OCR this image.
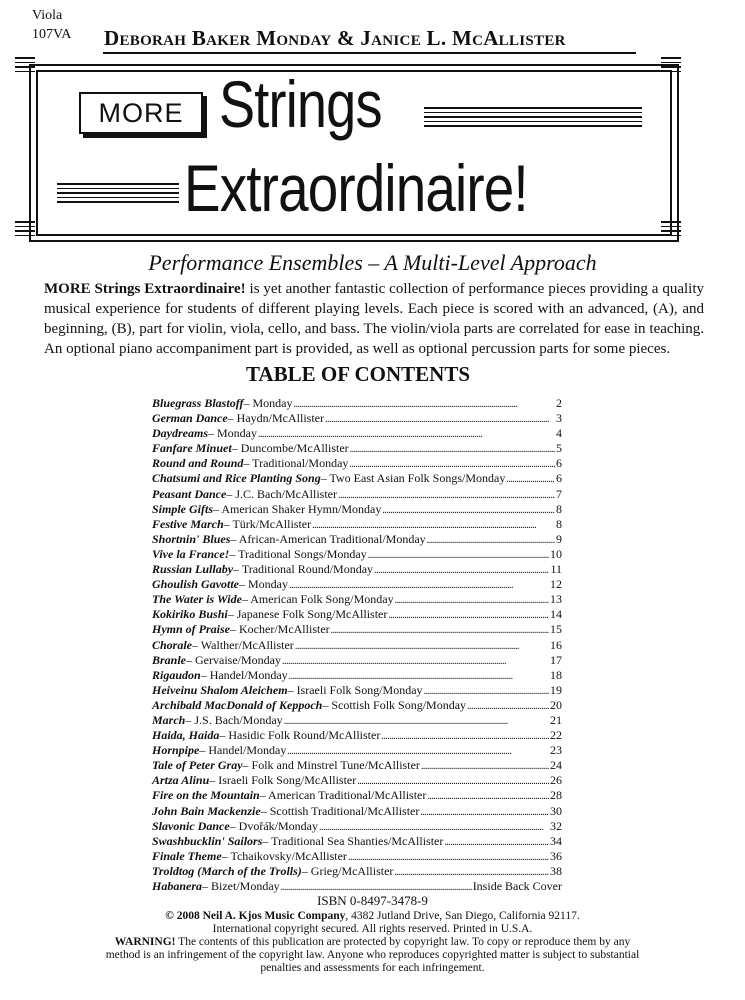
Viola
107VA Deborah Baker Monday & Janice L. McAllister
MORE Strings
Extraordinaire!
Performance Ensembles – A Multi-Level Approach
MORE Strings Extraordinaire! is yet another fantastic collection of performance pieces providing a quality musical experience for students of different playing levels. Each piece is scored with an advanced, (A), and beginning, (B), part for violin, viola, cello, and bass. The violin/viola parts are correlated for ease in teaching. An optional piano accompaniment part is provided, as well as optional percussion parts for some pieces.
TABLE OF CONTENTS
Bluegrass Blastoff – Monday . . .	2
German Dance – Haydn/McAllister . . .	3
Daydreams – Monday . . .	4
Fanfare Minuet – Duncombe/McAllister . . .	5
Round and Round – Traditional/Monday . . .	6
Chatsumi and Rice Planting Song – Two East Asian Folk Songs/Monday . . .	6
Peasant Dance – J.C. Bach/McAllister . . .	7
Simple Gifts – American Shaker Hymn/Monday . . .	8
Festive March – Türk/McAllister . . .	8
Shortnin' Blues – African-American Traditional/Monday . . .	9
Vive la France! – Traditional Songs/Monday . . .	10
Russian Lullaby – Traditional Round/Monday . . .	11
Ghoulish Gavotte – Monday . . .	12
The Water is Wide – American Folk Song/Monday . . .	13
Kokiriko Bushi – Japanese Folk Song/McAllister . . .	14
Hymn of Praise – Kocher/McAllister . . .	15
Chorale – Walther/McAllister . . .	16
Branle – Gervaise/Monday . . .	17
Rigaudon – Handel/Monday . . .	18
Heiveinu Shalom Aleichem – Israeli Folk Song/Monday . . .	19
Archibald MacDonald of Keppoch – Scottish Folk Song/Monday . . .	20
March – J.S. Bach/Monday . . .	21
Haida, Haida – Hasidic Folk Round/McAllister . . .	22
Hornpipe – Handel/Monday . . .	23
Tale of Peter Gray – Folk and Minstrel Tune/McAllister . . .	24
Artza Alinu – Israeli Folk Song/McAllister . . .	26
Fire on the Mountain – American Traditional/McAllister . . .	28
John Bain Mackenzie – Scottish Traditional/McAllister . . .	30
Slavonic Dance – Dvořák/Monday . . .	32
Swashbucklin' Sailors – Traditional Sea Shanties/McAllister . . .	34
Finale Theme – Tchaikovsky/McAllister . . .	36
Troldtog (March of the Trolls) – Grieg/McAllister . . .	38
Habanera – Bizet/Monday . . .	Inside Back Cover
ISBN 0-8497-3478-9
© 2008 Neil A. Kjos Music Company, 4382 Jutland Drive, San Diego, California 92117.
International copyright secured. All rights reserved. Printed in U.S.A.
WARNING! The contents of this publication are protected by copyright law. To copy or reproduce them by any method is an infringement of the copyright law. Anyone who reproduces copyrighted matter is subject to substantial penalties and assessments for each infringement.
